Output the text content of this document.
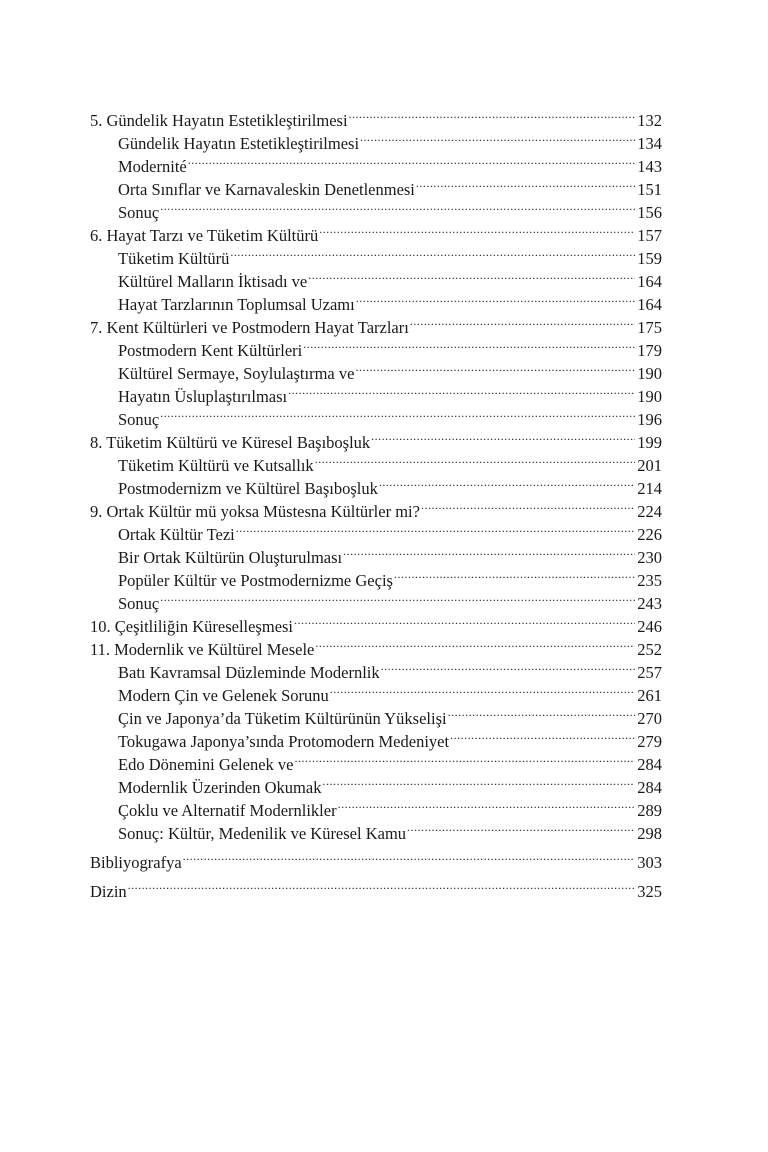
5. Gündelik Hayatın Estetikleştirilmesi .....	132
Gündelik Hayatın Estetikleştirilmesi .....	134
Modernité .....	143
Orta Sınıflar ve Karnavaleskin Denetlenmesi .....	151
Sonuç .....	156
6. Hayat Tarzı ve Tüketim Kültürü .....	157
Tüketim Kültürü .....	159
Kültürel Malların İktisadı ve .....	164
Hayat Tarzlarının Toplumsal Uzamı .....	164
7. Kent Kültürleri ve Postmodern Hayat Tarzları .....	175
Postmodern Kent Kültürleri .....	179
Kültürel Sermaye, Soylulaştırma ve .....	190
Hayatın Üsluplaştırılması .....	190
Sonuç .....	196
8. Tüketim Kültürü ve Küresel Başıboşluk .....	199
Tüketim Kültürü ve Kutsallık .....	201
Postmodernizm ve Kültürel Başıboşluk .....	214
9. Ortak Kültür mü yoksa Müstesna Kültürler mi? .....	224
Ortak Kültür Tezi .....	226
Bir Ortak Kültürün Oluşturulması .....	230
Popüler Kültür ve Postmodernizme Geçiş .....	235
Sonuç .....	243
10. Çeşitliliğin Küreselleşmesi .....	246
11. Modernlik ve Kültürel Mesele .....	252
Batı Kavramsal Düzleminde Modernlik .....	257
Modern Çin ve Gelenek Sorunu .....	261
Çin ve Japonya’da Tüketim Kültürünün Yükselişi .....	270
Tokugawa Japonya’sında Protomodern Medeniyet .....	279
Edo Dönemini Gelenek ve .....	284
Modernlik Üzerinden Okumak .....	284
Çoklu ve Alternatif Modernlikler .....	289
Sonuç: Kültür, Medenilik ve Küresel Kamu .....	298
Bibliyografya .....	303
Dizin .....	325
